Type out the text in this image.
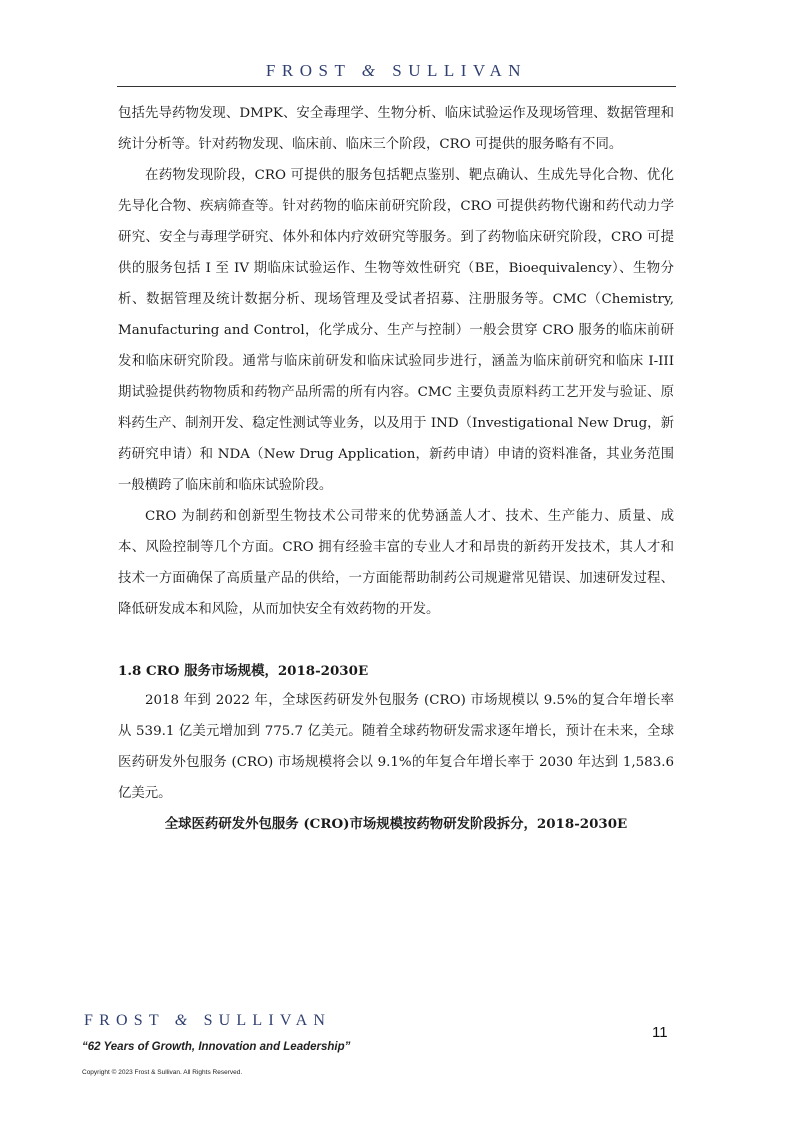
FROST & SULLIVAN

包括先导药物发现、DMPK、安全毒理学、生物分析、临床试验运作及现场管理、数据管理和统计分析等。针对药物发现、临床前、临床三个阶段，CRO 可提供的服务略有不同。

在药物发现阶段，CRO 可提供的服务包括靶点鉴别、靶点确认、生成先导化合物、优化先导化合物、疾病筛查等。针对药物的临床前研究阶段，CRO 可提供药物代谢和药代动力学研究、安全与毒理学研究、体外和体内疗效研究等服务。到了药物临床研究阶段，CRO 可提供的服务包括 I 至 IV 期临床试验运作、生物等效性研究（BE，Bioequivalency）、生物分析、数据管理及统计数据分析、现场管理及受试者招募、注册服务等。CMC（Chemistry, Manufacturing and Control，化学成分、生产与控制）一般会贯穿 CRO 服务的临床前研发和临床研究阶段。通常与临床前研发和临床试验同步进行，涵盖为临床前研究和临床 I-III 期试验提供药物物质和药物产品所需的所有内容。CMC 主要负责原料药工艺开发与验证、原料药生产、制剂开发、稳定性测试等业务，以及用于 IND（Investigational New Drug，新药研究申请）和 NDA（New Drug Application，新药申请）申请的资料准备，其业务范围一般横跨了临床前和临床试验阶段。

CRO 为制药和创新型生物技术公司带来的优势涵盖人才、技术、生产能力、质量、成本、风险控制等几个方面。CRO 拥有经验丰富的专业人才和昂贵的新药开发技术，其人才和技术一方面确保了高质量产品的供给，一方面能帮助制药公司规避常见错误、加速研发过程、降低研发成本和风险，从而加快安全有效药物的开发。

1.8 CRO 服务市场规模，2018-2030E

2018 年到 2022 年，全球医药研发外包服务 (CRO) 市场规模以 9.5%的复合年增长率从 539.1 亿美元增加到 775.7 亿美元。随着全球药物研发需求逐年增长，预计在未来，全球医药研发外包服务 (CRO) 市场规模将会以 9.1%的年复合年增长率于 2030 年达到 1,583.6 亿美元。

全球医药研发外包服务 (CRO)市场规模按药物研发阶段拆分，2018-2030E

FROST & SULLIVAN
11
“62 Years of Growth, Innovation and Leadership”
Copyright © 2023 Frost & Sullivan. All Rights Reserved.
